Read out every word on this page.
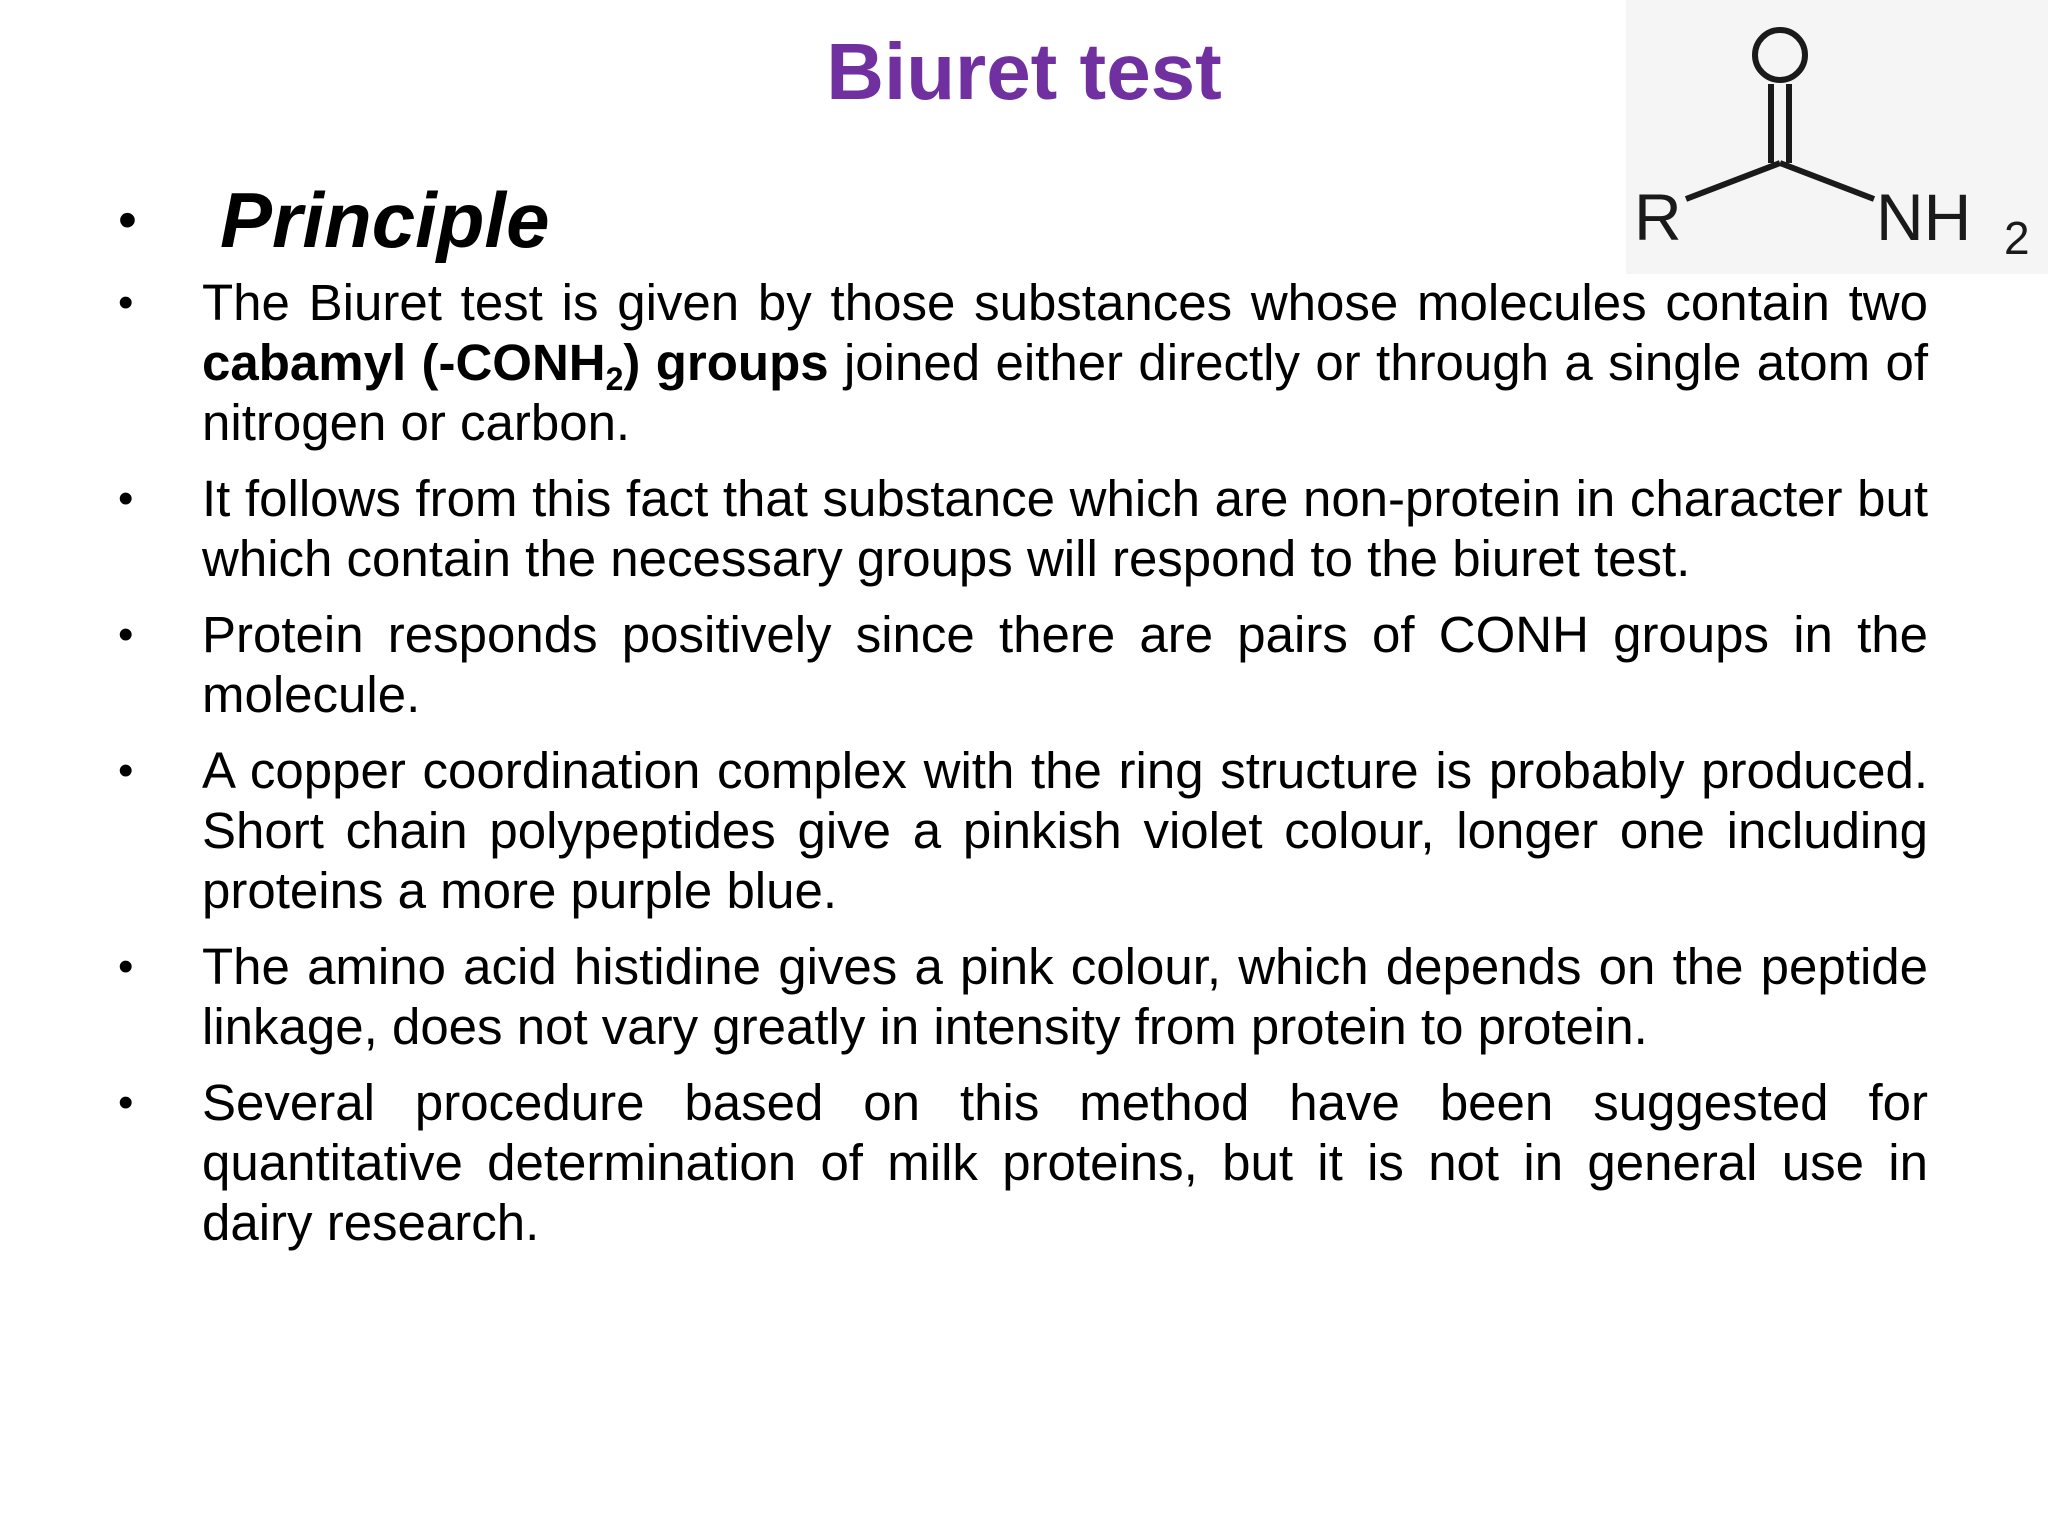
Biuret test
R	NH 2
•	Principle
•	The Biuret test is given by those substances whose molecules contain two cabamyl $(-CONH_2)$ groups joined either directly or through a single atom of nitrogen or carbon.
•	It follows from this fact that substance which are non-protein in character but which contain the necessary groups will respond to the biuret test.
•	Protein responds positively since there are pairs of CONH groups in the molecule.
•	A copper coordination complex with the ring structure is probably produced. Short chain polypeptides give a pinkish violet colour, longer one including proteins a more purple blue.
•	The amino acid histidine gives a pink colour, which depends on the peptide linkage, does not vary greatly in intensity from protein to protein.
•	Several procedure based on this method have been suggested for quantitative determination of milk proteins, but it is not in general use in dairy research.
